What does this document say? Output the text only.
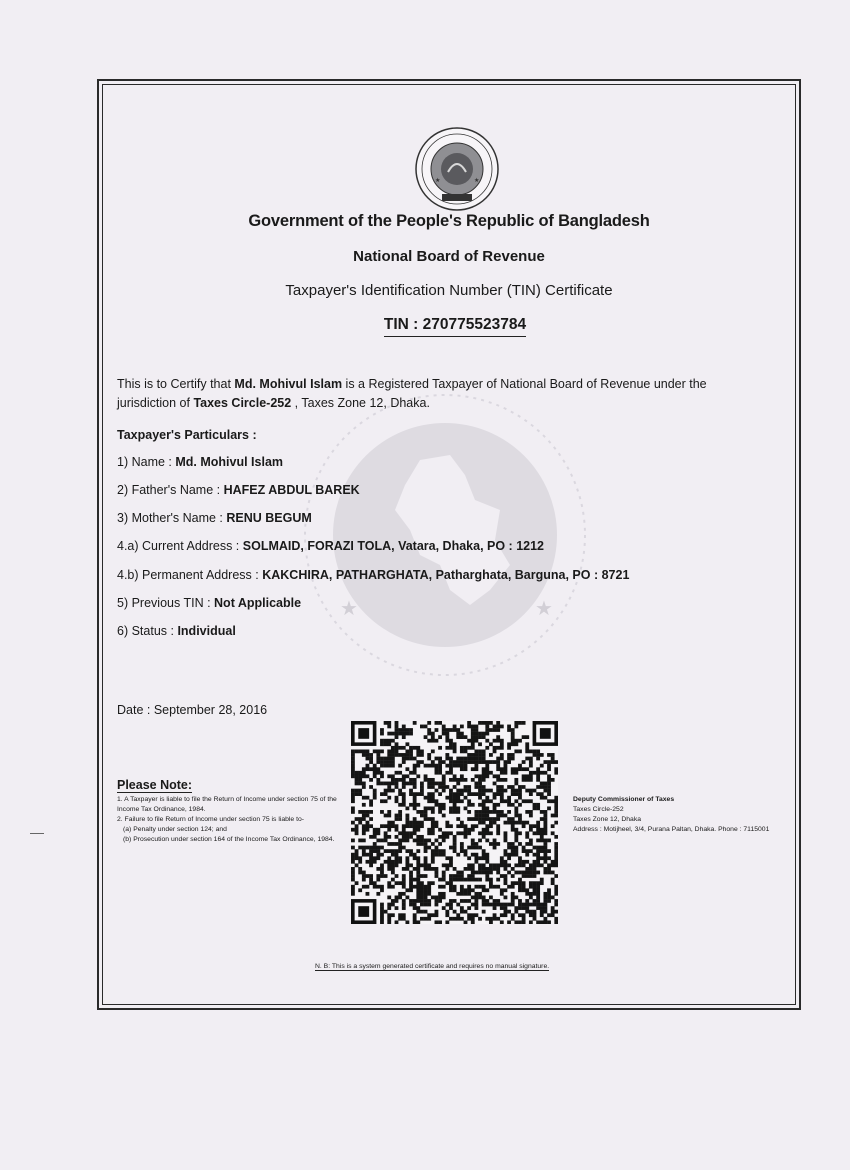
★	★
★	★
Government of the People's Republic of Bangladesh
National Board of Revenue
Taxpayer's Identification Number (TIN) Certificate
TIN : 270775523784
This is to Certify that Md. Mohivul Islam is a Registered Taxpayer of National Board of Revenue under the jurisdiction of Taxes Circle-252 , Taxes Zone 12, Dhaka.
Taxpayer's Particulars :
1) Name : Md. Mohivul Islam
2) Father's Name : HAFEZ ABDUL BAREK
3) Mother's Name : RENU BEGUM
4.a) Current Address : SOLMAID, FORAZI TOLA, Vatara, Dhaka, PO : 1212
4.b) Permanent Address : KAKCHIRA, PATHARGHATA, Patharghata, Barguna, PO : 8721
5) Previous TIN : Not Applicable
6) Status : Individual
Date : September 28, 2016
Please Note:

1. A Taxpayer is liable to file the Return of Income under section 75 of the Income Tax Ordinance, 1984.

2. Failure to file Return of Income under section 75 is liable to-

(a) Penalty under section 124; and

(b) Prosecution under section 164 of the Income Tax Ordinance, 1984.

Deputy Commissioner of Taxes

Taxes Circle-252

Taxes Zone 12, Dhaka

Address : Motijheel, 3/4, Purana Paltan, Dhaka. Phone : 7115001

N. B: This is a system generated certificate and requires no manual signature.
